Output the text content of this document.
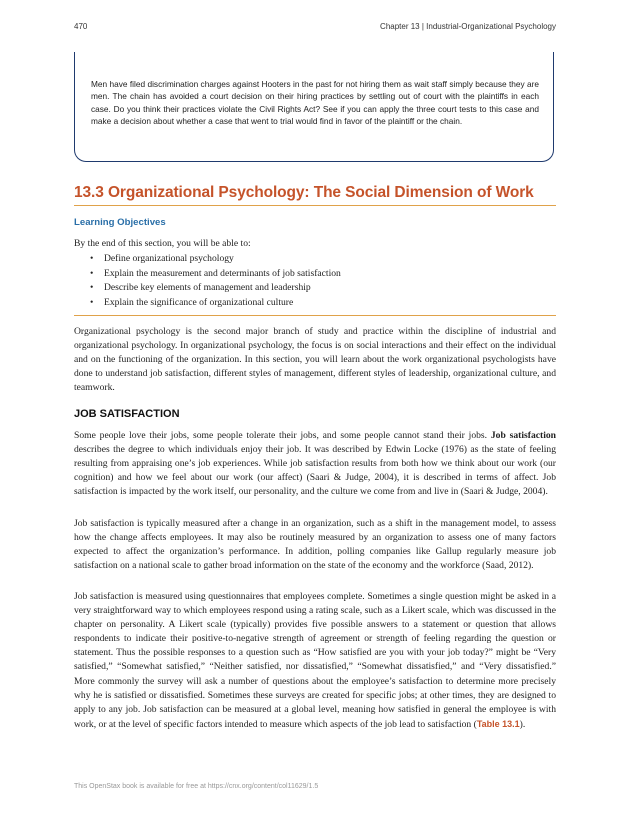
470	Chapter 13 | Industrial-Organizational Psychology
Men have filed discrimination charges against Hooters in the past for not hiring them as wait staff simply because they are men. The chain has avoided a court decision on their hiring practices by settling out of court with the plaintiffs in each case. Do you think their practices violate the Civil Rights Act? See if you can apply the three court tests to this case and make a decision about whether a case that went to trial would find in favor of the plaintiff or the chain.
13.3 Organizational Psychology: The Social Dimension of Work
Learning Objectives
By the end of this section, you will be able to:
• Define organizational psychology
• Explain the measurement and determinants of job satisfaction
• Describe key elements of management and leadership
• Explain the significance of organizational culture

Organizational psychology is the second major branch of study and practice within the discipline of industrial and organizational psychology. In organizational psychology, the focus is on social interactions and their effect on the individual and on the functioning of the organization. In this section, you will learn about the work organizational psychologists have done to understand job satisfaction, different styles of management, different styles of leadership, organizational culture, and teamwork.

JOB SATISFACTION

Some people love their jobs, some people tolerate their jobs, and some people cannot stand their jobs. Job satisfaction describes the degree to which individuals enjoy their job. It was described by Edwin Locke (1976) as the state of feeling resulting from appraising one’s job experiences. While job satisfaction results from both how we think about our work (our cognition) and how we feel about our work (our affect) (Saari & Judge, 2004), it is described in terms of affect. Job satisfaction is impacted by the work itself, our personality, and the culture we come from and live in (Saari & Judge, 2004).

Job satisfaction is typically measured after a change in an organization, such as a shift in the management model, to assess how the change affects employees. It may also be routinely measured by an organization to assess one of many factors expected to affect the organization’s performance. In addition, polling companies like Gallup regularly measure job satisfaction on a national scale to gather broad information on the state of the economy and the workforce (Saad, 2012).

Job satisfaction is measured using questionnaires that employees complete. Sometimes a single question might be asked in a very straightforward way to which employees respond using a rating scale, such as a Likert scale, which was discussed in the chapter on personality. A Likert scale (typically) provides five possible answers to a statement or question that allows respondents to indicate their positive-to-negative strength of agreement or strength of feeling regarding the question or statement. Thus the possible responses to a question such as “How satisfied are you with your job today?” might be “Very satisfied,” “Somewhat satisfied,” “Neither satisfied, nor dissatisfied,” “Somewhat dissatisfied,” and “Very dissatisfied.” More commonly the survey will ask a number of questions about the employee’s satisfaction to determine more precisely why he is satisfied or dissatisfied. Sometimes these surveys are created for specific jobs; at other times, they are designed to apply to any job. Job satisfaction can be measured at a global level, meaning how satisfied in general the employee is with work, or at the level of specific factors intended to measure which aspects of the job lead to satisfaction (Table 13.1).

This OpenStax book is available for free at https://cnx.org/content/col11629/1.5
